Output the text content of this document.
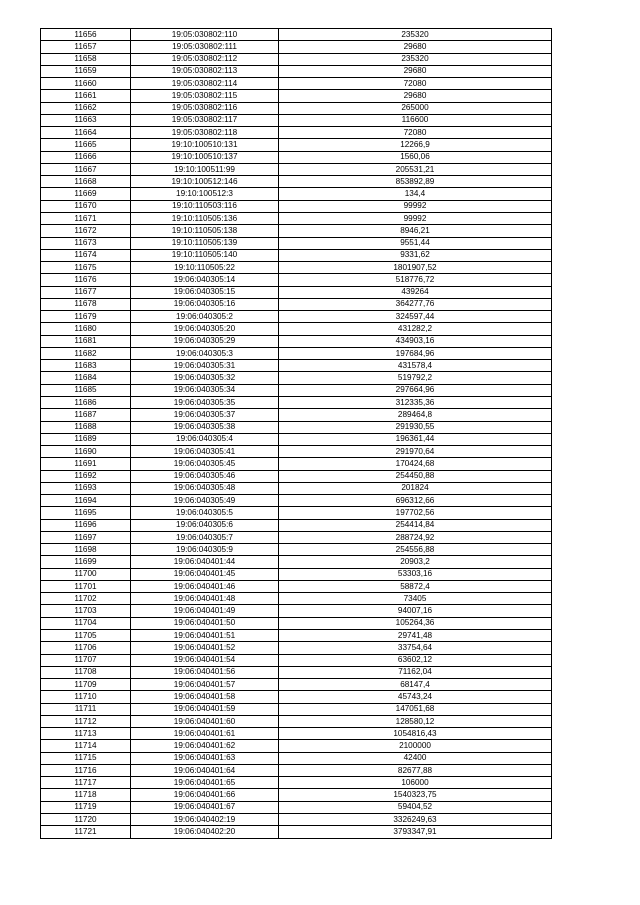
11656	19:05:030802:110	235320
11657	19:05:030802:111	29680
11658	19:05:030802:112	235320
11659	19:05:030802:113	29680
11660	19:05:030802:114	72080
11661	19:05:030802:115	29680
11662	19:05:030802:116	265000
11663	19:05:030802:117	116600
11664	19:05:030802:118	72080
11665	19:10:100510:131	12266,9
11666	19:10:100510:137	1560,06
11667	19:10:100511:99	205531,21
11668	19:10:100512:146	853892,89
11669	19:10:100512:3	134,4
11670	19:10:110503:116	99992
11671	19:10:110505:136	99992
11672	19:10:110505:138	8946,21
11673	19:10:110505:139	9551,44
11674	19:10:110505:140	9331,62
11675	19:10:110505:22	1801907,52
11676	19:06:040305:14	518776,72
11677	19:06:040305:15	439264
11678	19:06:040305:16	364277,76
11679	19:06:040305:2	324597,44
11680	19:06:040305:20	431282,2
11681	19:06:040305:29	434903,16
11682	19:06:040305:3	197684,96
11683	19:06:040305:31	431578,4
11684	19:06:040305:32	519792,2
11685	19:06:040305:34	297664,96
11686	19:06:040305:35	312335,36
11687	19:06:040305:37	289464,8
11688	19:06:040305:38	291930,55
11689	19:06:040305:4	196361,44
11690	19:06:040305:41	291970,64
11691	19:06:040305:45	170424,68
11692	19:06:040305:46	254450,88
11693	19:06:040305:48	201824
11694	19:06:040305:49	696312,66
11695	19:06:040305:5	197702,56
11696	19:06:040305:6	254414,84
11697	19:06:040305:7	288724,92
11698	19:06:040305:9	254556,88
11699	19:06:040401:44	20903,2
11700	19:06:040401:45	53303,16
11701	19:06:040401:46	58872,4
11702	19:06:040401:48	73405
11703	19:06:040401:49	94007,16
11704	19:06:040401:50	105264,36
11705	19:06:040401:51	29741,48
11706	19:06:040401:52	33754,64
11707	19:06:040401:54	63602,12
11708	19:06:040401:56	71162,04
11709	19:06:040401:57	68147,4
11710	19:06:040401:58	45743,24
11711	19:06:040401:59	147051,68
11712	19:06:040401:60	128580,12
11713	19:06:040401:61	1054816,43
11714	19:06:040401:62	2100000
11715	19:06:040401:63	42400
11716	19:06:040401:64	82677,88
11717	19:06:040401:65	106000
11718	19:06:040401:66	1540323,75
11719	19:06:040401:67	59404,52
11720	19:06:040402:19	3326249,63
11721	19:06:040402:20	3793347,91
